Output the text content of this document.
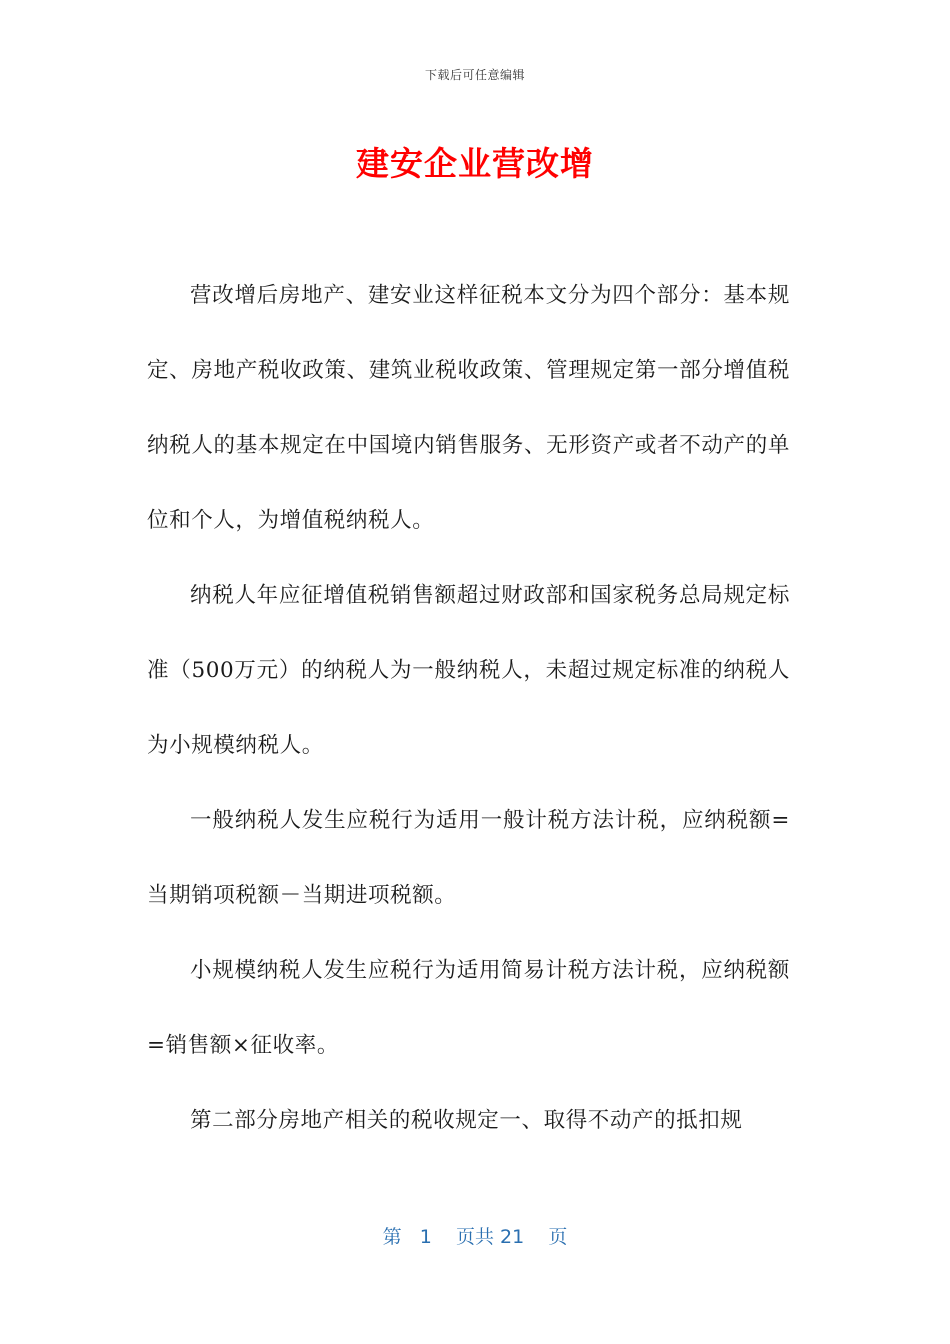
下载后可任意编辑
建安企业营改增

营改增后房地产、建安业这样征税本文分为四个部分：基本规定、房地产税收政策、建筑业税收政策、管理规定第一部分增值税纳税人的基本规定在中国境内销售服务、无形资产或者不动产的单位和个人，为增值税纳税人。

纳税人年应征增值税销售额超过财政部和国家税务总局规定标准（500万元）的纳税人为一般纳税人，未超过规定标准的纳税人为小规模纳税人。

一般纳税人发生应税行为适用一般计税方法计税，应纳税额=当期销项税额－当期进项税额。

小规模纳税人发生应税行为适用简易计税方法计税，应纳税额=销售额×征收率。

第二部分房地产相关的税收规定一、取得不动产的抵扣规

第 1 页共 21 页
